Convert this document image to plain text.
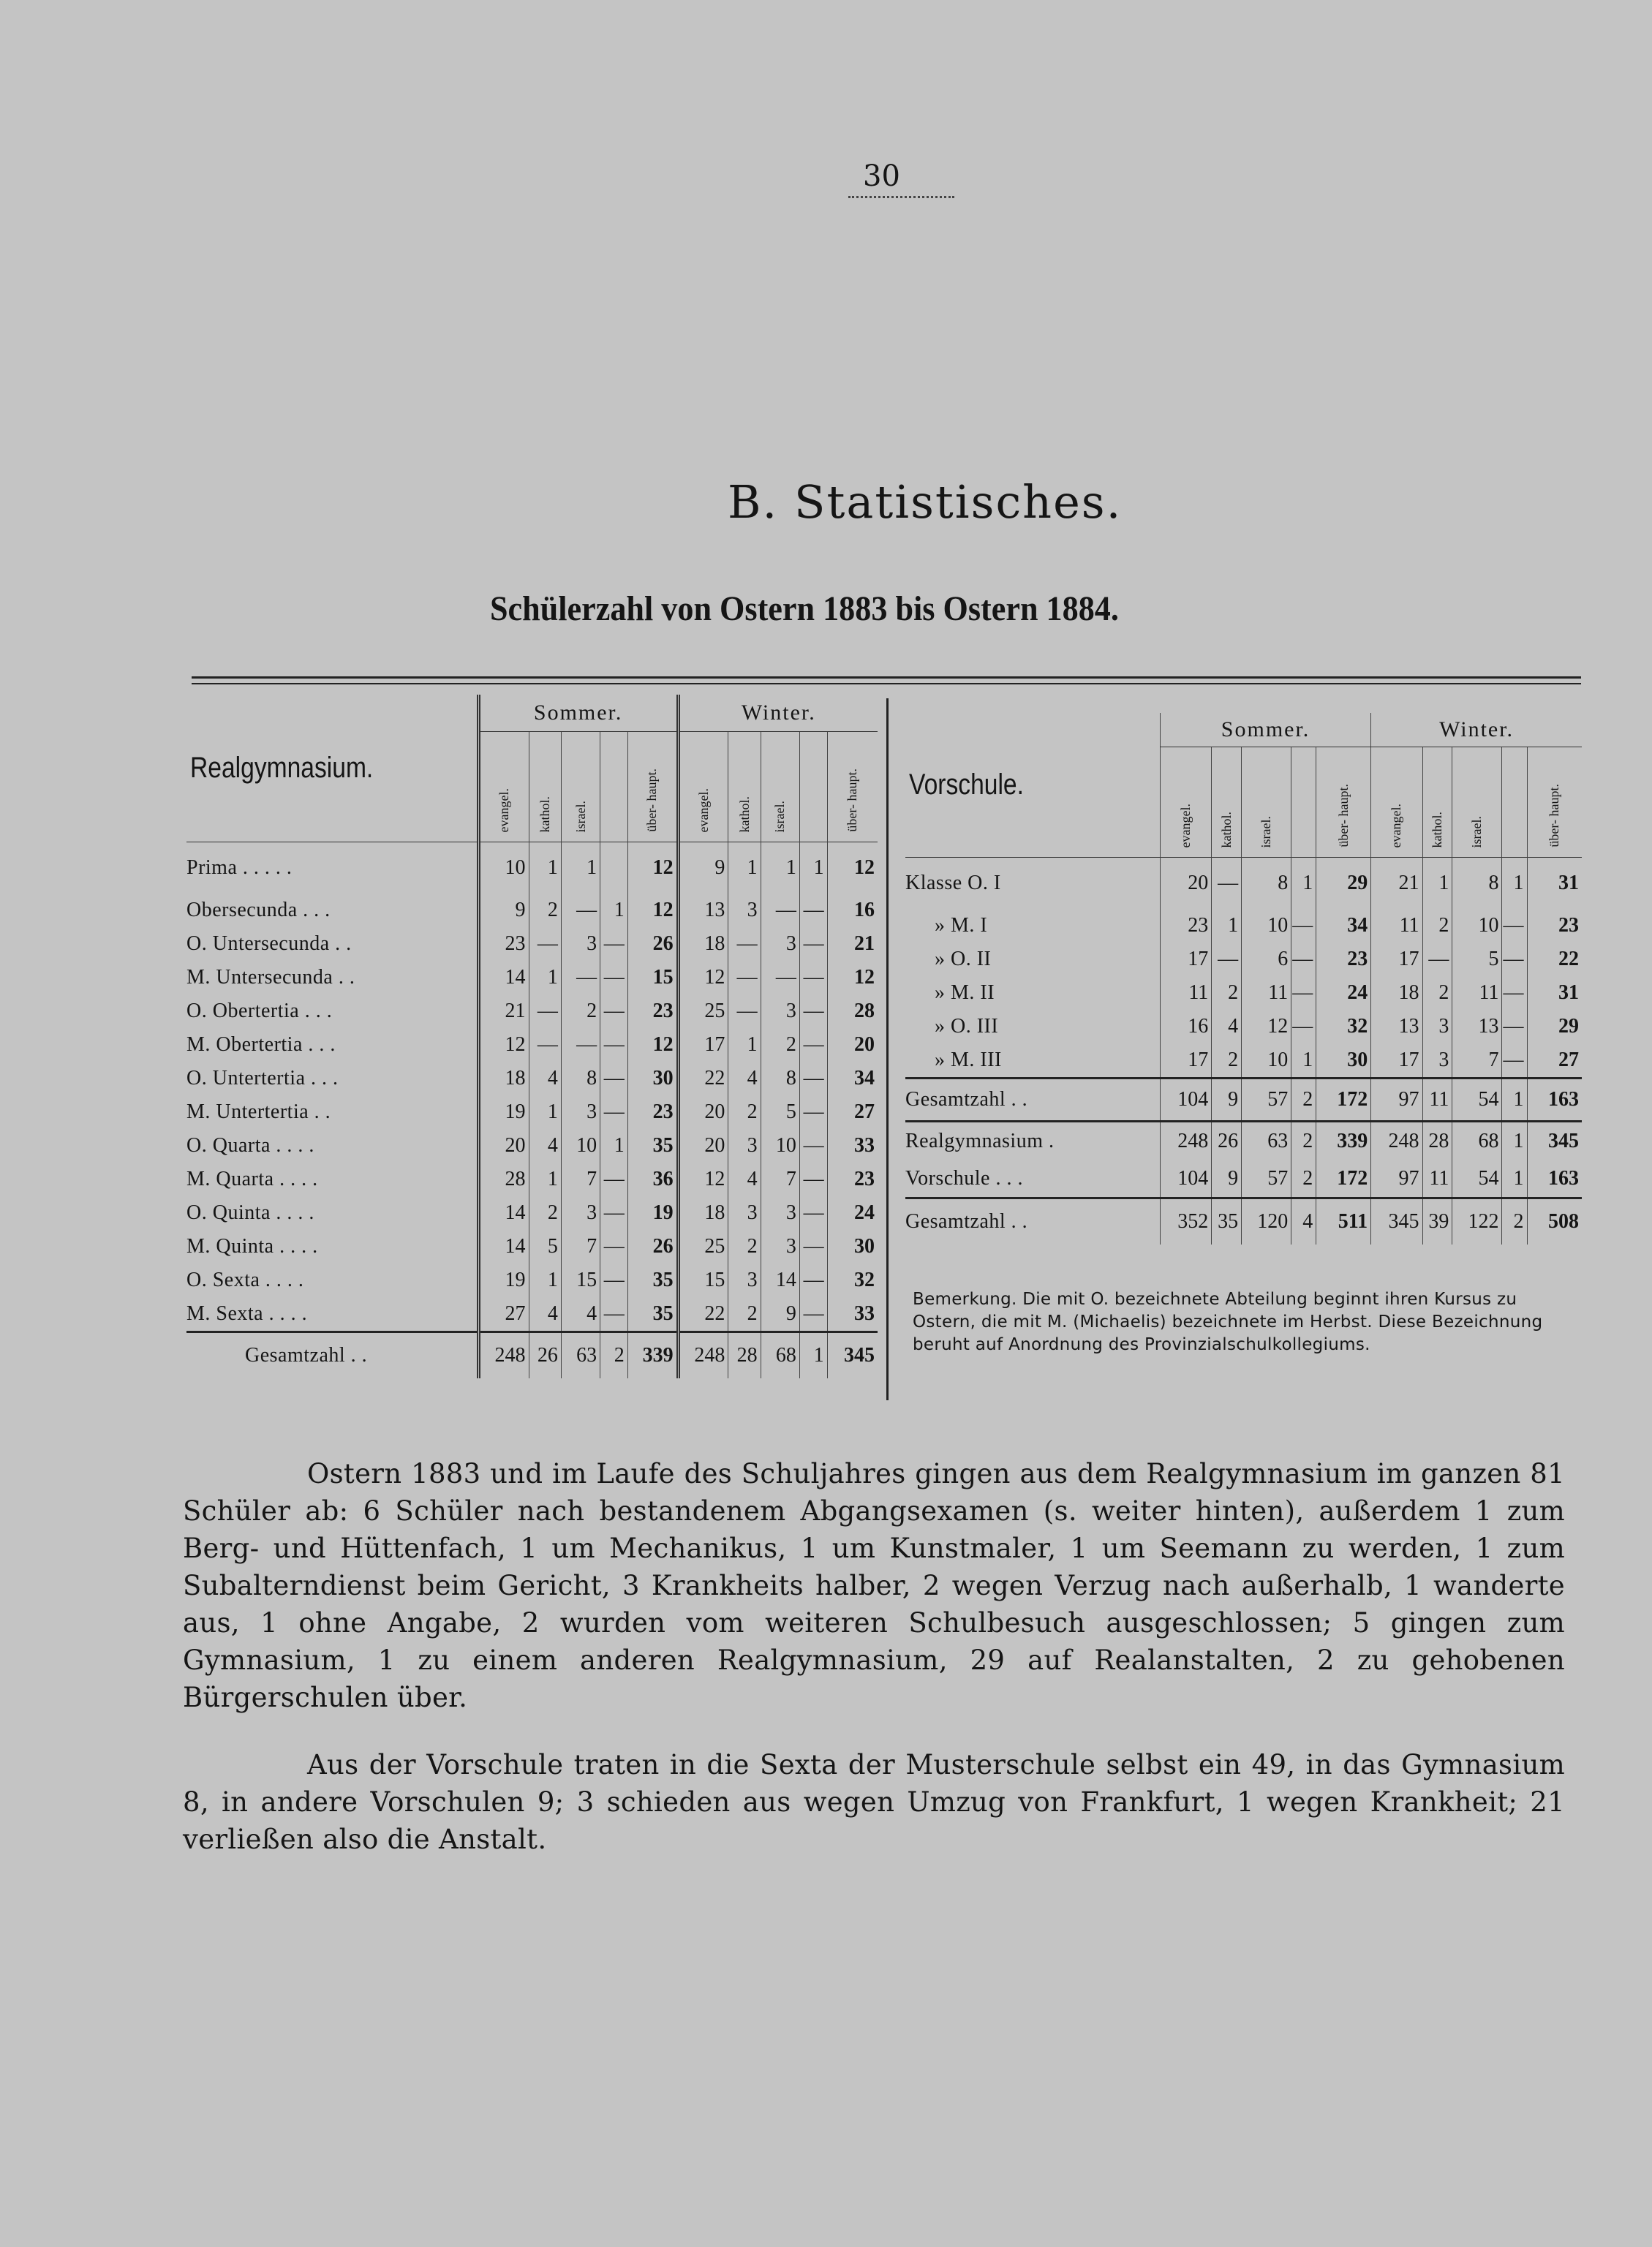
30
B. Statistisches.
Schülerzahl von Ostern 1883 bis Ostern 1884.
Realgymnasium.	Sommer.					Winter.				
	evangel.	kathol.	israel.		über- haupt.	evangel.	kathol.	israel.		über- haupt.
Prima . . . . .	10	1	1		12	9	1	1	1	12
Obersecunda . . .	9	2	—	1	12	13	3	—	—	16
O. Untersecunda . .	23	—	3	—	26	18	—	3	—	21
M. Untersecunda . .	14	1	—	—	15	12	—	—	—	12
O. Obertertia . . .	21	—	2	—	23	25	—	3	—	28
M. Obertertia . . .	12	—	—	—	12	17	1	2	—	20
O. Untertertia . . .	18	4	8	—	30	22	4	8	—	34
M. Untertertia . .	19	1	3	—	23	20	2	5	—	27
O. Quarta . . . .	20	4	10	1	35	20	3	10	—	33
M. Quarta . . . .	28	1	7	—	36	12	4	7	—	23
O. Quinta . . . .	14	2	3	—	19	18	3	3	—	24
M. Quinta . . . .	14	5	7	—	26	25	2	3	—	30
O. Sexta . . . .	19	1	15	—	35	15	3	14	—	32
M. Sexta . . . .	27	4	4	—	35	22	2	9	—	33
Gesamtzahl . .	248	26	63	2	339	248	28	68	1	345
Vorschule.	Sommer.					Winter.				
	evangel.	kathol.	israel.		über- haupt.	evangel.	kathol.	israel.		über- haupt.
Klasse O. I	20	—	8	1	29	21	1	8	1	31
» M. I	23	1	10	—	34	11	2	10	—	23
» O. II	17	—	6	—	23	17	—	5	—	22
» M. II	11	2	11	—	24	18	2	11	—	31
» O. III	16	4	12	—	32	13	3	13	—	29
» M. III	17	2	10	1	30	17	3	7	—	27
Gesamtzahl . .	104	9	57	2	172	97	11	54	1	163
Realgymnasium .	248	26	63	2	339	248	28	68	1	345
Vorschule . . .	104	9	57	2	172	97	11	54	1	163
Gesamtzahl . .	352	35	120	4	511	345	39	122	2	508
Bemerkung. Die mit O. bezeichnete Abteilung beginnt ihren Kursus zu Ostern, die mit M. (Michaelis) bezeichnete im Herbst. Diese Bezeichnung beruht auf Anordnung des Provinzialschulkollegiums.
Ostern 1883 und im Laufe des Schuljahres gingen aus dem Realgymnasium im ganzen 81 Schüler ab: 6 Schüler nach bestandenem Abgangsexamen (s. weiter hinten), außerdem 1 zum Berg- und Hüttenfach, 1 um Mechanikus, 1 um Kunstmaler, 1 um Seemann zu werden, 1 zum Subalterndienst beim Gericht, 3 Krankheits halber, 2 wegen Verzug nach außerhalb, 1 wanderte aus, 1 ohne Angabe, 2 wurden vom weiteren Schulbesuch ausgeschlossen; 5 gingen zum Gymnasium, 1 zu einem anderen Realgymnasium, 29 auf Realanstalten, 2 zu gehobenen Bürgerschulen über.
Aus der Vorschule traten in die Sexta der Musterschule selbst ein 49, in das Gymnasium 8, in andere Vorschulen 9; 3 schieden aus wegen Umzug von Frankfurt, 1 wegen Krankheit; 21 verließen also die Anstalt.
